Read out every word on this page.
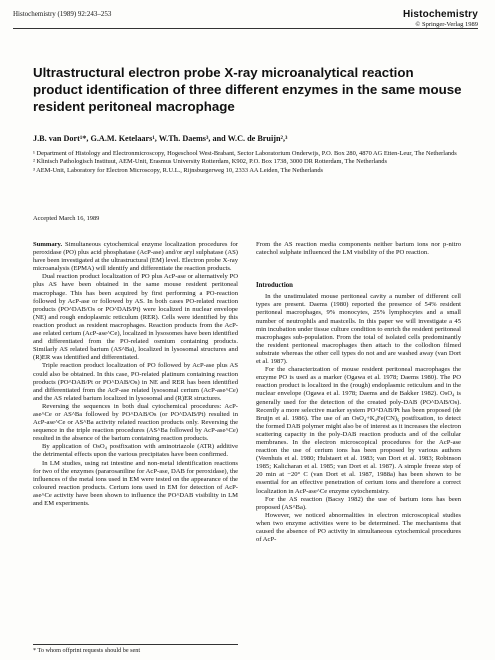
Histochemistry (1989) 92:243–253	Histochemistry
© Springer-Verlag 1989
Ultrastructural electron probe X-ray microanalytical reaction product identification of three different enzymes in the same mouse resident peritoneal macrophage
J.B. van Dort¹*, G.A.M. Ketelaars¹, W.Th. Daems³, and W.C. de Bruijn²,³

¹ Department of Histology and Electronmicroscopy, Hogeschool West-Brabant, Sector Laboratorium Onderwijs, P.O. Box 280, 4870 AG Etten-Leur, The Netherlands

² Klinisch Pathologisch Instituut, AEM-Unit, Erasmus University Rotterdam, K902, P.O. Box 1738, 3000 DR Rotterdam, The Netherlands

³ AEM-Unit, Laboratory for Electron Microscopy, R.U.L., Rijnsburgerweg 10, 2333 AA Leiden, The Netherlands

Accepted March 16, 1989

Summary. Simultaneous cytochemical enzyme localization procedures for peroxidase (PO) plus acid phosphatase (AcP-ase) and/or aryl sulphatase (AS) have been investigated at the ultrastructural (EM) level. Electron probe X-ray microanalysis (EPMA) will identify and differentiate the reaction products.

Dual reaction product localization of PO plus AcP-ase or alternatively PO plus AS have been obtained in the same mouse resident peritoneal macrophage. This has been acquired by first performing a PO-reaction followed by AcP-ase or followed by AS. In both cases PO-related reaction products (PO^DAB/Os or PO^DAB/Pt) were localized in nuclear envelope (NE) and rough endoplasmic reticulum (RER). Cells were identified by this reaction product as resident macrophages. Reaction products from the AcP-ase related cerium (AcP-ase^Ce), localized in lysosomes have been identified and differentiated from the PO-related osmium containing products. Similarly AS related barium (AS^Ba), localized in lysosomal structures and (R)ER was identified and differentiated.

Triple reaction product localization of PO followed by AcP-ase plus AS could also be obtained. In this case, PO-related platinum containing reaction products (PO^DAB/Pt or PO^DAB/Os) in NE and RER has been identified and differentiated from the AcP-ase related lysosomal cerium (AcP-ase^Ce) and the AS related barium localized in lysosomal and (R)ER structures.

Reversing the sequences in both dual cytochemical procedures: AcP-ase^Ce or AS^Ba followed by PO^DAB/Os (or PO^DAB/Pt) resulted in AcP-ase^Ce or AS^Ba activity related reaction products only. Reversing the sequence in the triple reaction procedures (AS^Ba followed by AcP-ase^Ce) resulted in the absence of the barium containing reaction products.

By application of OsO₄ postfixation with aminotriazole (ATR) additive the detrimental effects upon the various precipitates have been confirmed.

In LM studies, using rat intestine and non-metal identification reactions for two of the enzymes (pararosaniline for AcP-ase, DAB for peroxidase), the influences of the metal ions used in EM were tested on the appearance of the coloured reaction products. Cerium ions used in EM for detection of AcP-ase^Ce activity have been shown to influence the PO^DAB visibility in LM and EM experiments.

From the AS reaction media components neither barium ions nor p-nitro catechol sulphate influenced the LM visibility of the PO reaction.

Introduction

In the unstimulated mouse peritoneal cavity a number of different cell types are present. Daems (1980) reported the presence of 54% resident peritoneal macrophages, 9% monocytes, 25% lymphocytes and a small number of neutrophils and mastcells. In this paper we will investigate a 45 min incubation under tissue culture condition to enrich the resident peritoneal macrophages sub-population. From the total of isolated cells predominantly the resident peritoneal macrophages then attach to the collodion filmed substrate whereas the other cell types do not and are washed away (van Dort et al. 1987).

For the characterization of mouse resident peritoneal macrophages the enzyme PO is used as a marker (Ogawa et al. 1978; Daems 1980). The PO reaction product is localized in the (rough) endoplasmic reticulum and in the nuclear envelope (Ogawa et al. 1978; Daems and de Bakker 1982). OsO₄ is generally used for the detection of the created poly-DAB (PO^DAB/Os). Recently a more selective marker system PO^DAB/Pt has been proposed (de Bruijn et al. 1986). The use of an OsO₄+K₄Fe(CN)₆ postfixation, to detect the formed DAB polymer might also be of interest as it increases the electron scattering capacity in the poly-DAB reaction products and of the cellular membranes. In the electron microscopical procedures for the AcP-ase reaction the use of cerium ions has been proposed by various authors (Veenhuis et al. 1980; Hulstaert et al. 1983; van Dort et al. 1983; Robinson 1985; Kalicharan et al. 1985; van Dort et al. 1987). A simple freeze step of 20 min at −20° C (van Dort et al. 1987, 1988a) has been shown to be essential for an effective penetration of cerium ions and therefore a correct localization in AcP-ase^Ce enzyme cytochemistry.

For the AS reaction (Bacsy 1982) the use of barium ions has been proposed (AS^Ba).

However, we noticed abnormalities in electron microscopical studies when two enzyme activities were to be determined. The mechanisms that caused the absence of PO activity in simultaneous cytochemical procedures of AcP-

* To whom offprint requests should be sent
